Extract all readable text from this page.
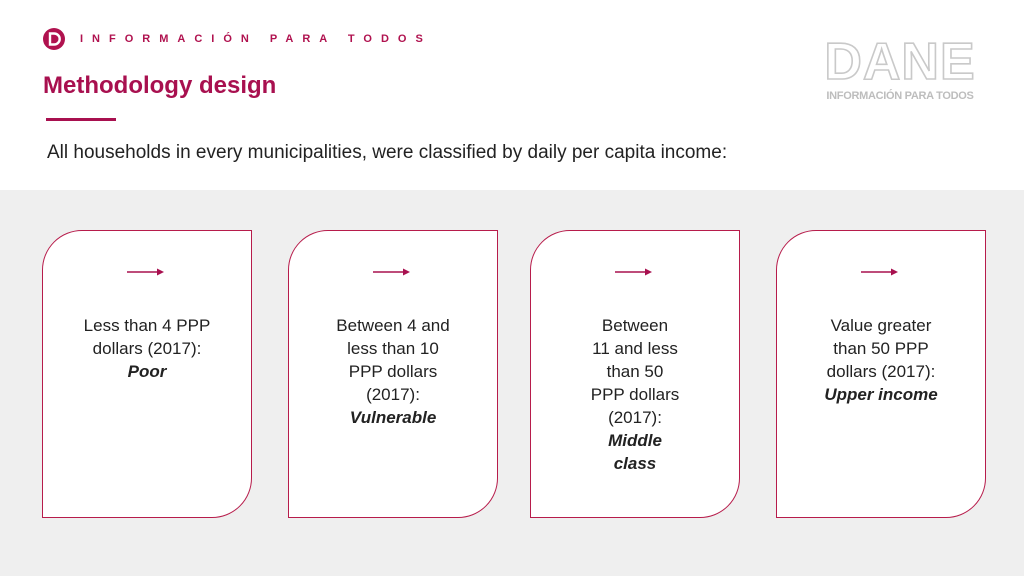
INFORMACIÓN PARA TODOS
Methodology design
All households in every municipalities, were classified by daily per capita income:
DANE
INFORMACIÓN PARA TODOS
Less than 4 PPP
dollars (2017):
Poor
Between 4 and
less than 10
PPP dollars
(2017):
Vulnerable
Between
11 and less
than 50
PPP dollars
(2017):
Middle
class
Value greater
than 50 PPP
dollars (2017):
Upper income
